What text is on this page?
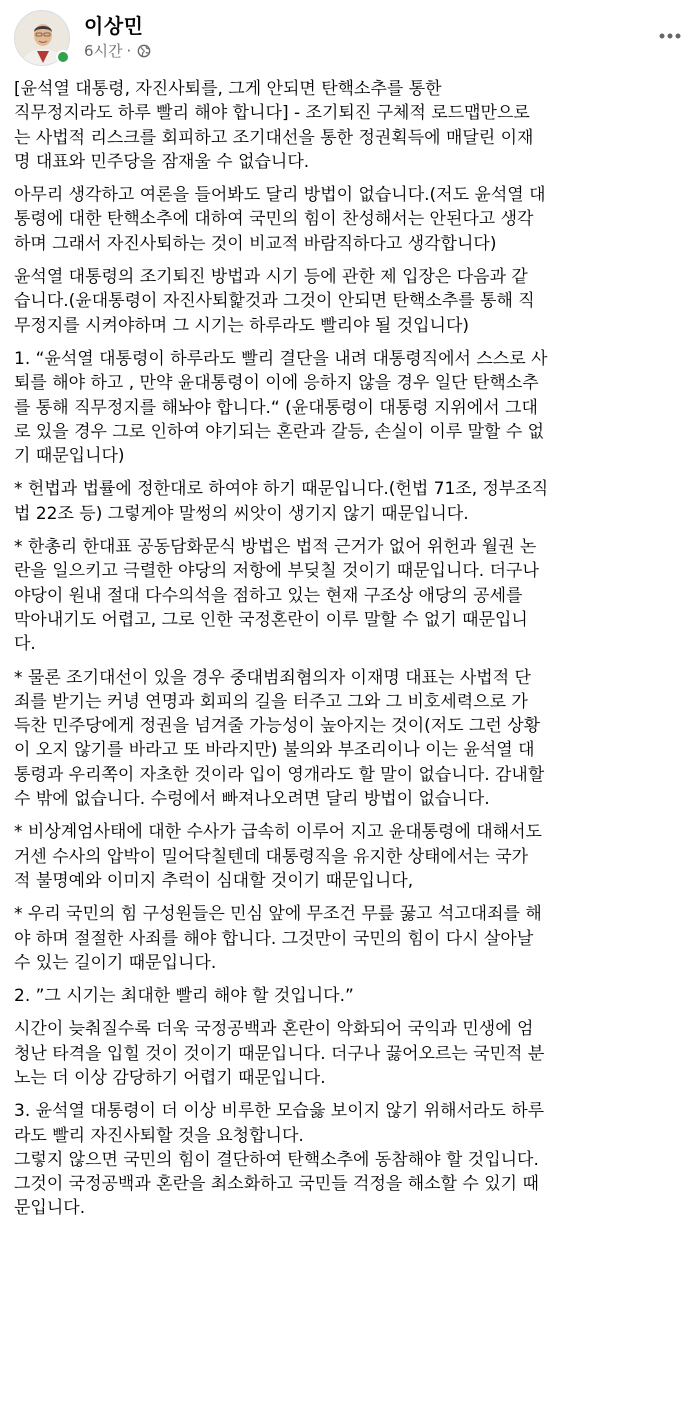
이상민
6시간 ·
[윤석열 대통령, 자진사퇴를, 그게 안되면 탄핵소추를 통한
직무정지라도 하루 빨리 해야 합니다] - 조기퇴진 구체적 로드맵만으로
는 사법적 리스크를 회피하고 조기대선을 통한 정권획득에 매달린 이재
명 대표와 민주당을 잠재울 수 없습니다.
아무리 생각하고 여론을 들어봐도 달리 방법이 없습니다.(저도 윤석열 대
통령에 대한 탄핵소추에 대하여 국민의 힘이 찬성해서는 안된다고 생각
하며 그래서 자진사퇴하는 것이 비교적 바람직하다고 생각합니다)
윤석열 대통령의 조기퇴진 방법과 시기 등에 관한 제 입장은 다음과 같
습니다.(윤대통령이 자진사퇴핥것과 그것이 안되면 탄핵소추를 통해 직
무정지를 시켜야하며 그 시기는 하루라도 빨리야 될 것입니다)
1. “윤석열 대통령이 하루라도 빨리 결단을 내려 대통령직에서 스스로 사
퇴를 해야 하고 , 만약 윤대통령이 이에 응하지 않을 경우 일단 탄핵소추
를 통해 직무정지를 해놔야 합니다.“ (윤대통령이 대통령 지위에서 그대
로 있을 경우 그로 인하여 야기되는 혼란과 갈등, 손실이 이루 말할 수 없
기 때문입니다)
* 헌법과 법률에 정한대로 하여야 하기 때문입니다.(헌법 71조, 정부조직
법 22조 등) 그렇게야 말썽의 씨앗이 생기지 않기 때문입니다.
* 한총리 한대표 공동담화문식 방법은 법적 근거가 없어 위헌과 월권 논
란을 일으키고 극렬한 야당의 저항에 부딪칠 것이기 때문입니다. 더구나
야당이 원내 절대 다수의석을 점하고 있는 현재 구조상 애당의 공세를
막아내기도 어렵고, 그로 인한 국정혼란이 이루 말할 수 없기 때문입니
다.
* 물론 조기대선이 있을 경우 중대범죄혐의자 이재명 대표는 사법적 단
죄를 받기는 커녕 연명과 회피의 길을 터주고 그와 그 비호세력으로 가
득찬 민주당에게 정권을 넘겨줄 가능성이 높아지는 것이(저도 그런 상황
이 오지 않기를 바라고 또 바라지만) 불의와 부조리이나 이는 윤석열 대
통령과 우리쪽이 자초한 것이라 입이 영개라도 할 말이 없습니다. 감내할
수 밖에 없습니다. 수렁에서 빠져나오려면 달리 방법이 없습니다.
* 비상계엄사태에 대한 수사가 급속히 이루어 지고 윤대통령에 대해서도
거센 수사의 압박이 밀어닥칠텐데 대통령직을 유지한 상태에서는 국가
적 불명예와 이미지 추럭이 심대할 것이기 때문입니다,
* 우리 국민의 힘 구성원들은 민심 앞에 무조건 무릎 꿇고 석고대죄를 해
야 하며 절절한 사죄를 해야 합니다. 그것만이 국민의 힘이 다시 살아날
수 있는 길이기 때문입니다.
2. ”그 시기는 최대한 빨리 해야 할 것입니다.”
시간이 늦춰질수록 더욱 국정공백과 혼란이 악화되어 국익과 민생에 엄
청난 타격을 입힐 것이 것이기 때문입니다. 더구나 끓어오르는 국민적 분
노는 더 이상 감당하기 어렵기 때문입니다.
3. 윤석열 대통령이 더 이상 비루한 모습읋 보이지 않기 위해서라도 하루
라도 빨리 자진사퇴할 것을 요청합니다.
그렇지 않으면 국민의 힘이 결단하여 탄핵소추에 동참해야 할 것입니다.
그것이 국정공백과 혼란을 최소화하고 국민들 걱정을 해소할 수 있기 때
문입니다.
